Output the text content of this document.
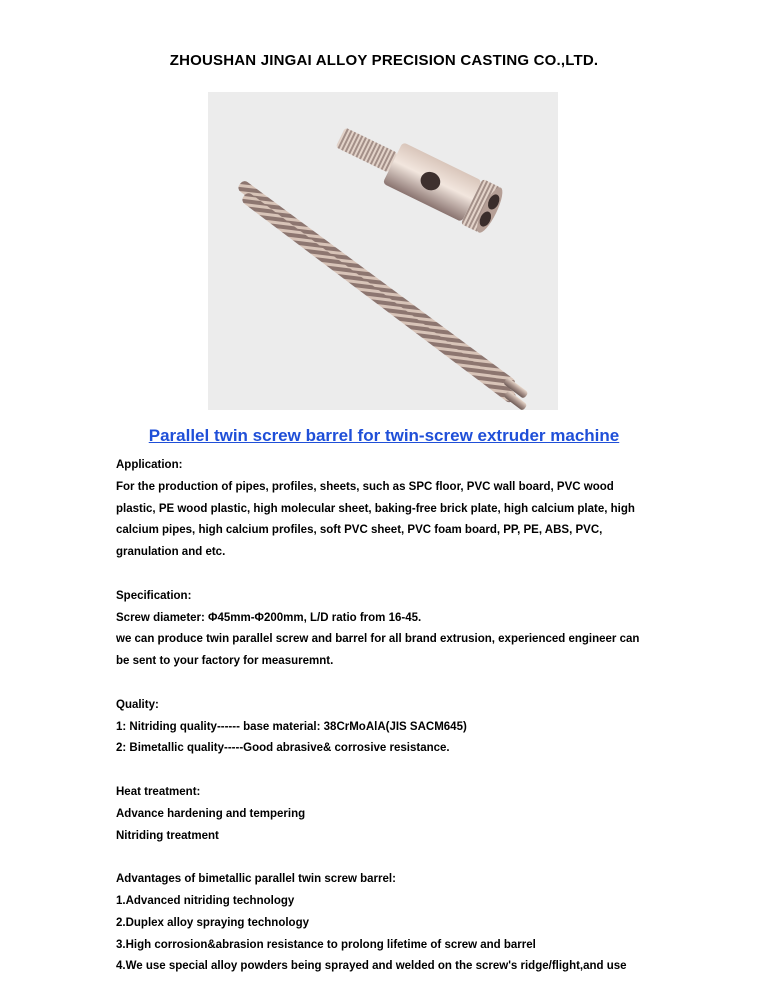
ZHOUSHAN JINGAI ALLOY PRECISION CASTING CO.,LTD.
Parallel twin screw barrel for twin-screw extruder machine
Application:
For the production of pipes, profiles, sheets, such as SPC floor, PVC wall board, PVC wood
plastic, PE wood plastic, high molecular sheet, baking-free brick plate, high calcium plate, high
calcium pipes, high calcium profiles, soft PVC sheet, PVC foam board, PP, PE, ABS, PVC,
granulation and etc.
Specification:
Screw diameter: Φ45mm-Φ200mm, L/D ratio from 16-45.
we can produce twin parallel screw and barrel for all brand extrusion, experienced engineer can
be sent to your factory for measuremnt.
Quality:
1: Nitriding quality------ base material: 38CrMoAlA(JIS SACM645)
2: Bimetallic quality-----Good abrasive& corrosive resistance.
Heat treatment:
Advance hardening and tempering
Nitriding treatment
Advantages of bimetallic parallel twin screw barrel:
1.Advanced nitriding technology
2.Duplex alloy spraying technology
3.High corrosion&abrasion resistance to prolong lifetime of screw and barrel
4.We use special alloy powders being sprayed and welded on the screw's ridge/flight,and use
